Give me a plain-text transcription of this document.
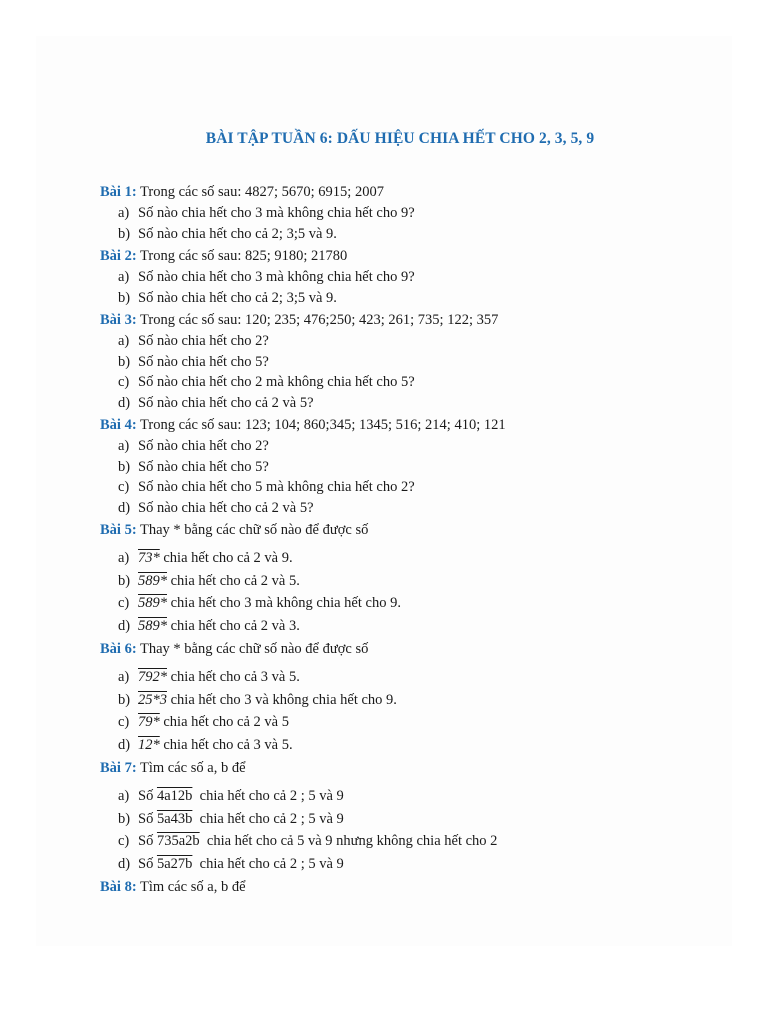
BÀI TẬP TUẦN 6: DẤU HIỆU CHIA HẾT CHO 2, 3, 5, 9

Bài 1: Trong các số sau: 4827; 5670; 6915; 2007

a) Số nào chia hết cho 3 mà không chia hết cho 9?
b) Số nào chia hết cho cả 2; 3;5 và 9.

Bài 2: Trong các số sau: 825; 9180; 21780

a) Số nào chia hết cho 3 mà không chia hết cho 9?
b) Số nào chia hết cho cả 2; 3;5 và 9.

Bài 3: Trong các số sau: 120; 235; 476;250; 423; 261; 735; 122; 357

a) Số nào chia hết cho 2?
b) Số nào chia hết cho 5?
c) Số nào chia hết cho 2 mà không chia hết cho 5?
d) Số nào chia hết cho cả 2 và 5?

Bài 4: Trong các số sau: 123; 104; 860;345; 1345; 516; 214; 410; 121

a) Số nào chia hết cho 2?
b) Số nào chia hết cho 5?
c) Số nào chia hết cho 5 mà không chia hết cho 2?
d) Số nào chia hết cho cả 2 và 5?

Bài 5: Thay * bằng các chữ số nào để được số

a) 73* chia hết cho cả 2 và 9.
b) 589* chia hết cho cả 2 và 5.
c) 589* chia hết cho 3 mà không chia hết cho 9.
d) 589* chia hết cho cả 2 và 3.

Bài 6: Thay * bằng các chữ số nào để được số

a) 792* chia hết cho cả 3 và 5.
b) 25*3 chia hết cho 3 và không chia hết cho 9.
c) 79* chia hết cho cả 2 và 5
d) 12* chia hết cho cả 3 và 5.

Bài 7: Tìm các số a, b để

a) Số 4a12b  chia hết cho cả 2 ; 5 và 9
b) Số 5a43b  chia hết cho cả 2 ; 5 và 9
c) Số 735a2b  chia hết cho cả 5 và 9 nhưng không chia hết cho 2
d) Số 5a27b  chia hết cho cả 2 ; 5 và 9

Bài 8: Tìm các số a, b để
